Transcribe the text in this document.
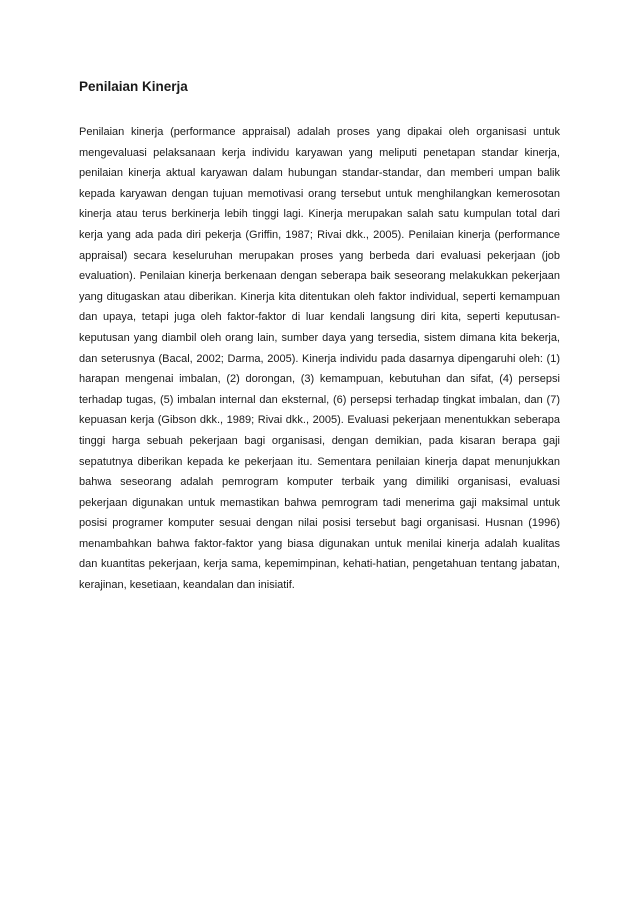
Penilaian Kinerja

Penilaian kinerja (performance appraisal) adalah proses yang dipakai oleh organisasi untuk mengevaluasi pelaksanaan kerja individu karyawan yang meliputi penetapan standar kinerja, penilaian kinerja aktual karyawan dalam hubungan standar-standar, dan memberi umpan balik kepada karyawan dengan tujuan memotivasi orang tersebut untuk menghilangkan kemerosotan kinerja atau terus berkinerja lebih tinggi lagi. Kinerja merupakan salah satu kumpulan total dari kerja yang ada pada diri pekerja (Griffin, 1987; Rivai dkk., 2005). Penilaian kinerja (performance appraisal) secara keseluruhan merupakan proses yang berbeda dari evaluasi pekerjaan (job evaluation). Penilaian kinerja berkenaan dengan seberapa baik seseorang melakukkan pekerjaan yang ditugaskan atau diberikan. Kinerja kita ditentukan oleh faktor individual, seperti kemampuan dan upaya, tetapi juga oleh faktor-faktor di luar kendali langsung diri kita, seperti keputusan-keputusan yang diambil oleh orang lain, sumber daya yang tersedia, sistem dimana kita bekerja, dan seterusnya (Bacal, 2002; Darma, 2005). Kinerja individu pada dasarnya dipengaruhi oleh: (1) harapan mengenai imbalan, (2) dorongan, (3) kemampuan, kebutuhan dan sifat, (4) persepsi terhadap tugas, (5) imbalan internal dan eksternal, (6) persepsi terhadap tingkat imbalan, dan (7) kepuasan kerja (Gibson dkk., 1989; Rivai dkk., 2005). Evaluasi pekerjaan menentukkan seberapa tinggi harga sebuah pekerjaan bagi organisasi, dengan demikian, pada kisaran berapa gaji sepatutnya diberikan kepada ke pekerjaan itu. Sementara penilaian kinerja dapat menunjukkan bahwa seseorang adalah pemrogram komputer terbaik yang dimiliki organisasi, evaluasi pekerjaan digunakan untuk memastikan bahwa pemrogram tadi menerima gaji maksimal untuk posisi programer komputer sesuai dengan nilai posisi tersebut bagi organisasi. Husnan (1996) menambahkan bahwa faktor-faktor yang biasa digunakan untuk menilai kinerja adalah kualitas dan kuantitas pekerjaan, kerja sama, kepemimpinan, kehati-hatian, pengetahuan tentang jabatan, kerajinan, kesetiaan, keandalan dan inisiatif.
